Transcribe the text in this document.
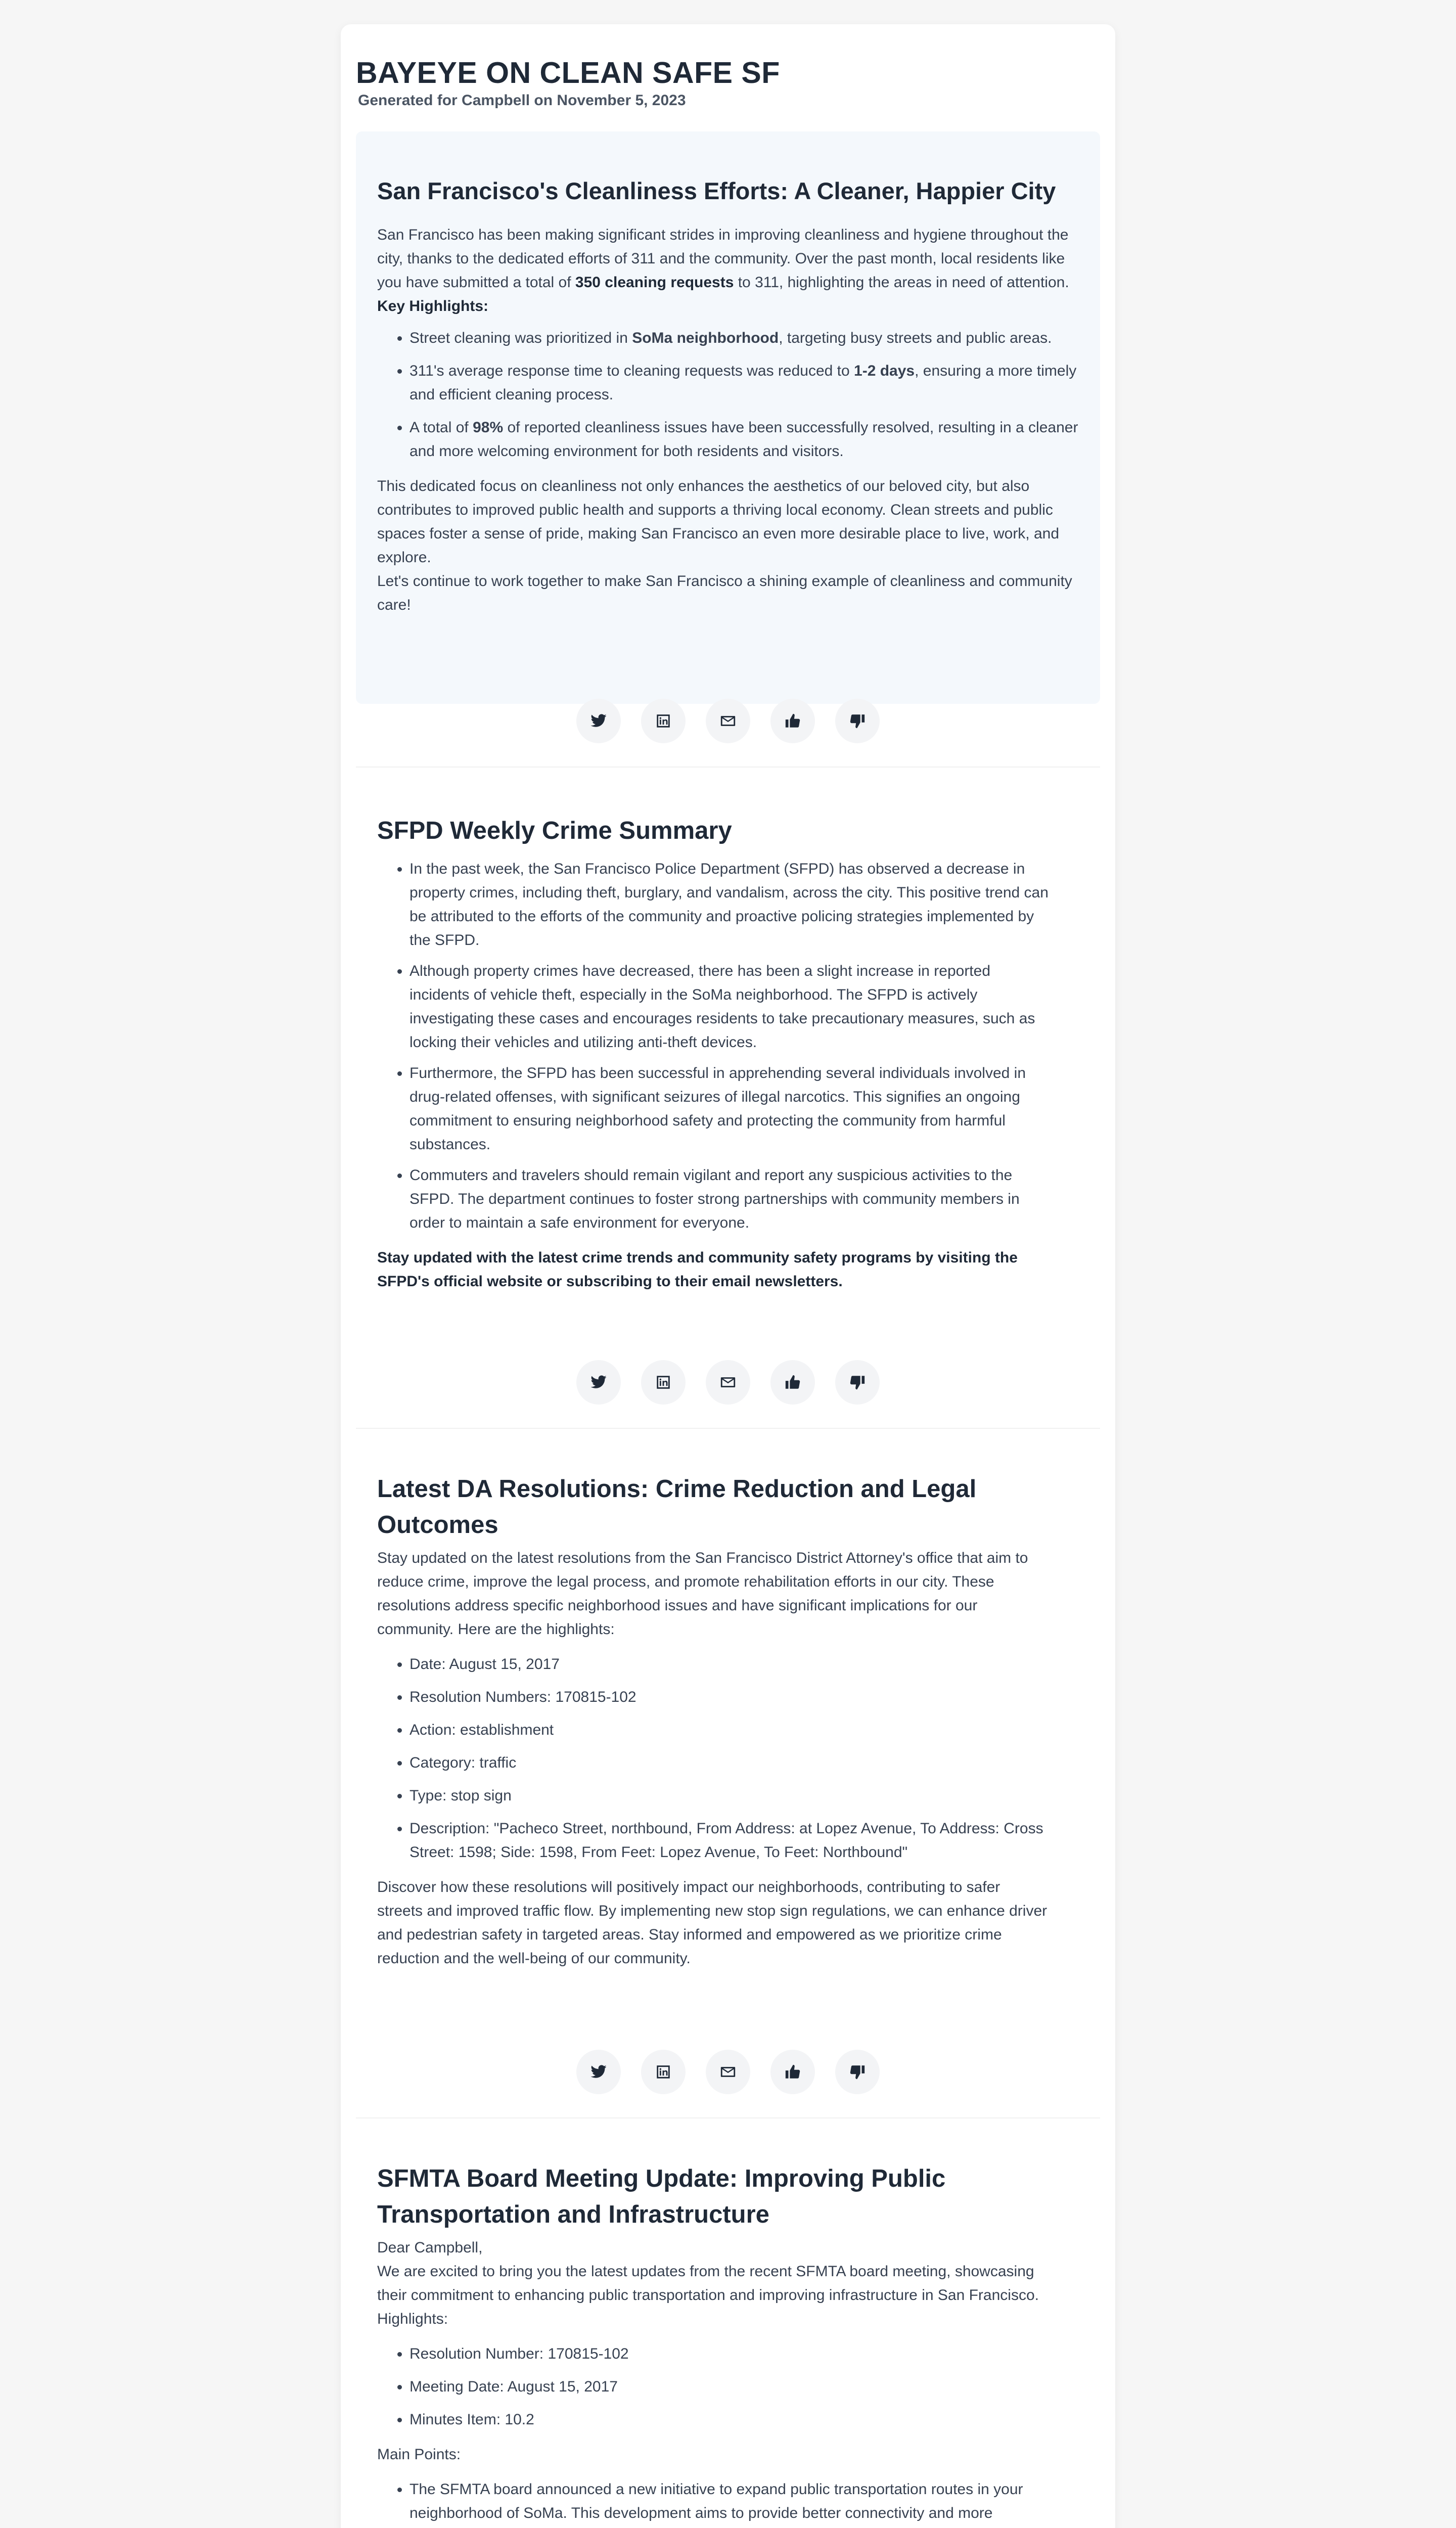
BAYEYE ON CLEAN SAFE SF
Generated for Campbell on November 5, 2023
San Francisco's Cleanliness Efforts: A Cleaner, Happier City

San Francisco has been making significant strides in improving cleanliness and hygiene throughout the city, thanks to the dedicated efforts of 311 and the community. Over the past month, local residents like you have submitted a total of 350 cleaning requests to 311, highlighting the areas in need of attention.

Key Highlights:

• Street cleaning was prioritized in SoMa neighborhood, targeting busy streets and public areas.
• 311's average response time to cleaning requests was reduced to 1-2 days, ensuring a more timely and efficient cleaning process.
• A total of 98% of reported cleanliness issues have been successfully resolved, resulting in a cleaner and more welcoming environment for both residents and visitors.

This dedicated focus on cleanliness not only enhances the aesthetics of our beloved city, but also contributes to improved public health and supports a thriving local economy. Clean streets and public spaces foster a sense of pride, making San Francisco an even more desirable place to live, work, and explore.

Let's continue to work together to make San Francisco a shining example of cleanliness and community care!

SFPD Weekly Crime Summary
• In the past week, the San Francisco Police Department (SFPD) has observed a decrease in property crimes, including theft, burglary, and vandalism, across the city. This positive trend can be attributed to the efforts of the community and proactive policing strategies implemented by the SFPD.
• Although property crimes have decreased, there has been a slight increase in reported incidents of vehicle theft, especially in the SoMa neighborhood. The SFPD is actively investigating these cases and encourages residents to take precautionary measures, such as locking their vehicles and utilizing anti-theft devices.
• Furthermore, the SFPD has been successful in apprehending several individuals involved in drug-related offenses, with significant seizures of illegal narcotics. This signifies an ongoing commitment to ensuring neighborhood safety and protecting the community from harmful substances.
• Commuters and travelers should remain vigilant and report any suspicious activities to the SFPD. The department continues to foster strong partnerships with community members in order to maintain a safe environment for everyone.

Stay updated with the latest crime trends and community safety programs by visiting the SFPD's official website or subscribing to their email newsletters.

Latest DA Resolutions: Crime Reduction and Legal Outcomes

Stay updated on the latest resolutions from the San Francisco District Attorney's office that aim to reduce crime, improve the legal process, and promote rehabilitation efforts in our city. These resolutions address specific neighborhood issues and have significant implications for our community. Here are the highlights:

• Date: August 15, 2017
• Resolution Numbers: 170815-102
• Action: establishment
• Category: traffic
• Type: stop sign
• Description: "Pacheco Street, northbound, From Address: at Lopez Avenue, To Address: Cross Street: 1598; Side: 1598, From Feet: Lopez Avenue, To Feet: Northbound"

Discover how these resolutions will positively impact our neighborhoods, contributing to safer streets and improved traffic flow. By implementing new stop sign regulations, we can enhance driver and pedestrian safety in targeted areas. Stay informed and empowered as we prioritize crime reduction and the well-being of our community.

SFMTA Board Meeting Update: Improving Public Transportation and Infrastructure

Dear Campbell,

We are excited to bring you the latest updates from the recent SFMTA board meeting, showcasing their commitment to enhancing public transportation and improving infrastructure in San Francisco.

Highlights:

• Resolution Number: 170815-102
• Meeting Date: August 15, 2017
• Minutes Item: 10.2

Main Points:

• The SFMTA board announced a new initiative to expand public transportation routes in your neighborhood of SoMa. This development aims to provide better connectivity and more
